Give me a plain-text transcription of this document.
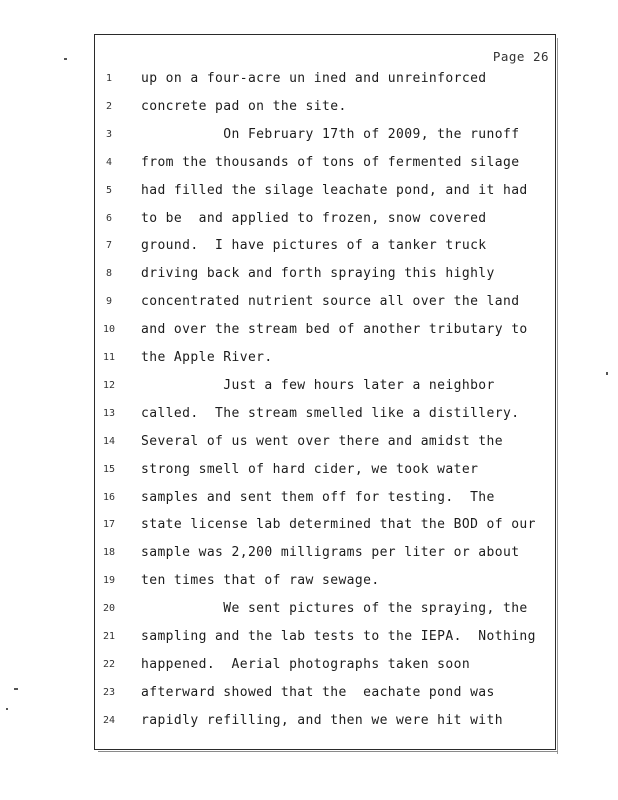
Page 26
1	up on a four-acre un ined and unreinforced
2	concrete pad on the site.
3	On February 17th of 2009, the runoff
4	from the thousands of tons of fermented silage
5	had filled the silage leachate pond, and it had
6	to be  and applied to frozen, snow covered
7	ground.  I have pictures of a tanker truck
8	driving back and forth spraying this highly
9	concentrated nutrient source all over the land
10	and over the stream bed of another tributary to
11	the Apple River.
12	Just a few hours later a neighbor
13	called.  The stream smelled like a distillery.
14	Several of us went over there and amidst the
15	strong smell of hard cider, we took water
16	samples and sent them off for testing.  The
17	state license lab determined that the BOD of our
18	sample was 2,200 milligrams per liter or about
19	ten times that of raw sewage.
20	We sent pictures of the spraying, the
21	sampling and the lab tests to the IEPA.  Nothing
22	happened.  Aerial photographs taken soon
23	afterward showed that the  eachate pond was
24	rapidly refilling, and then we were hit with
